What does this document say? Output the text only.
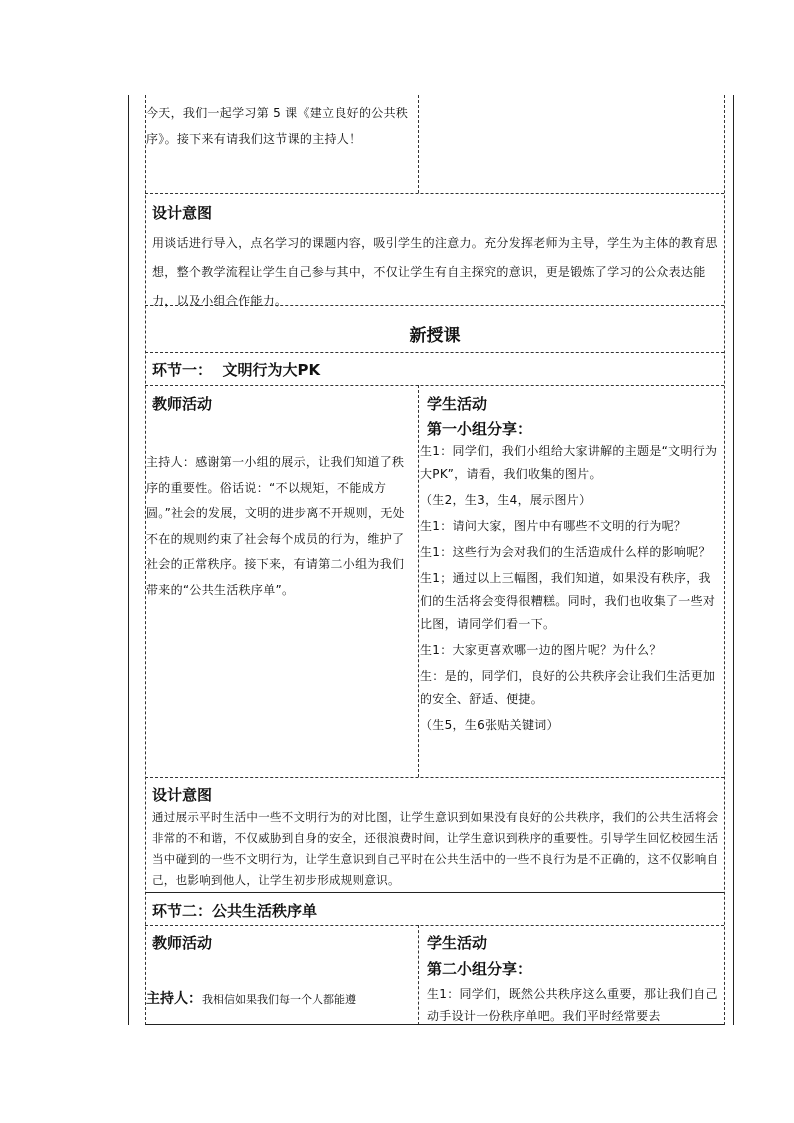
今天，我们一起学习第 5 课《建立良好的公共秩序》。接下来有请我们这节课的主持人！
设计意图
用谈话进行导入，点名学习的课题内容，吸引学生的注意力。充分发挥老师为主导，学生为主体的教育思想，整个教学流程让学生自己参与其中，不仅让学生有自主探究的意识，更是锻炼了学习的公众表达能力，以及小组合作能力。
新授课
环节一：  文明行为大PK
教师活动
主持人：感谢第一小组的展示，让我们知道了秩序的重要性。俗话说：“不以规矩，不能成方圆。”社会的发展，文明的进步离不开规则，无处不在的规则约束了社会每个成员的行为，维护了社会的正常秩序。接下来，有请第二小组为我们带来的“公共生活秩序单”。
学生活动
第一小组分享：
生1：同学们，我们小组给大家讲解的主题是“文明行为大PK”，请看，我们收集的图片。
（生2，生3，生4，展示图片）
生1：请问大家，图片中有哪些不文明的行为呢？
生1：这些行为会对我们的生活造成什么样的影响呢？
生1；通过以上三幅图，我们知道，如果没有秩序，我们的生活将会变得很糟糕。同时，我们也收集了一些对比图，请同学们看一下。
生1：大家更喜欢哪一边的图片呢？为什么？
生：是的，同学们，良好的公共秩序会让我们生活更加的安全、舒适、便捷。
（生5，生6张贴关键词）
设计意图
通过展示平时生活中一些不文明行为的对比图，让学生意识到如果没有良好的公共秩序，我们的公共生活将会非常的不和谐，不仅威胁到自身的安全，还很浪费时间，让学生意识到秩序的重要性。引导学生回忆校园生活当中碰到的一些不文明行为，让学生意识到自己平时在公共生活中的一些不良行为是不正确的，这不仅影响自己，也影响到他人，让学生初步形成规则意识。
环节二：公共生活秩序单
教师活动
主持人：我相信如果我们每一个人都能遵
学生活动
第二小组分享：
生1：同学们，既然公共秩序这么重要，那让我们自己动手设计一份秩序单吧。我们平时经常要去
